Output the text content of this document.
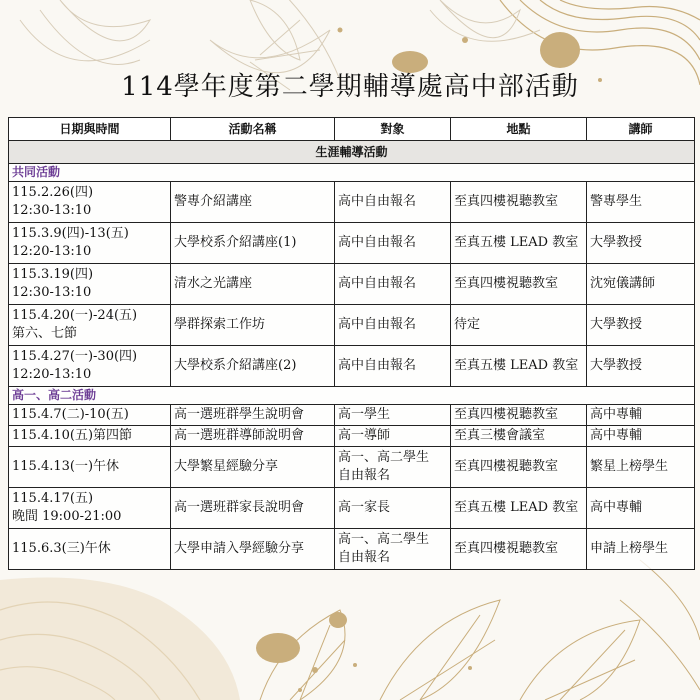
114學年度第二學期輔導處高中部活動
日期與時間	活動名稱	對象	地點	講師
生涯輔導活動				
共同活動				

115.2.26(四)
12:30-13:10	警專介紹講座	高中自由報名	至真四樓視聽教室	警專學生

115.3.9(四)-13(五)
12:20-13:10	大學校系介紹講座(1)	高中自由報名	至真五樓 LEAD 教室	大學教授

115.3.19(四)
12:30-13:10	清水之光講座	高中自由報名	至真四樓視聽教室	沈宛儀講師

115.4.20(一)-24(五)
第六、七節	學群探索工作坊	高中自由報名	待定	大學教授

115.4.27(一)-30(四)
12:20-13:10	大學校系介紹講座(2)	高中自由報名	至真五樓 LEAD 教室	大學教授
高一、高二活動				

115.4.7(二)-10(五)	高一選班群學生說明會	高一學生	至真四樓視聽教室	高中專輔

115.4.10(五)第四節	高一選班群導師說明會	高一導師	至真三樓會議室	高中專輔

115.4.13(一)午休	大學繁星經驗分享	高一、高二學生
自由報名	至真四樓視聽教室	繁星上榜學生

115.4.17(五)
晚間 19:00-21:00	高一選班群家長說明會	高一家長	至真五樓 LEAD 教室	高中專輔

115.6.3(三)午休	大學申請入學經驗分享	高一、高二學生
自由報名	至真四樓視聽教室	申請上榜學生
